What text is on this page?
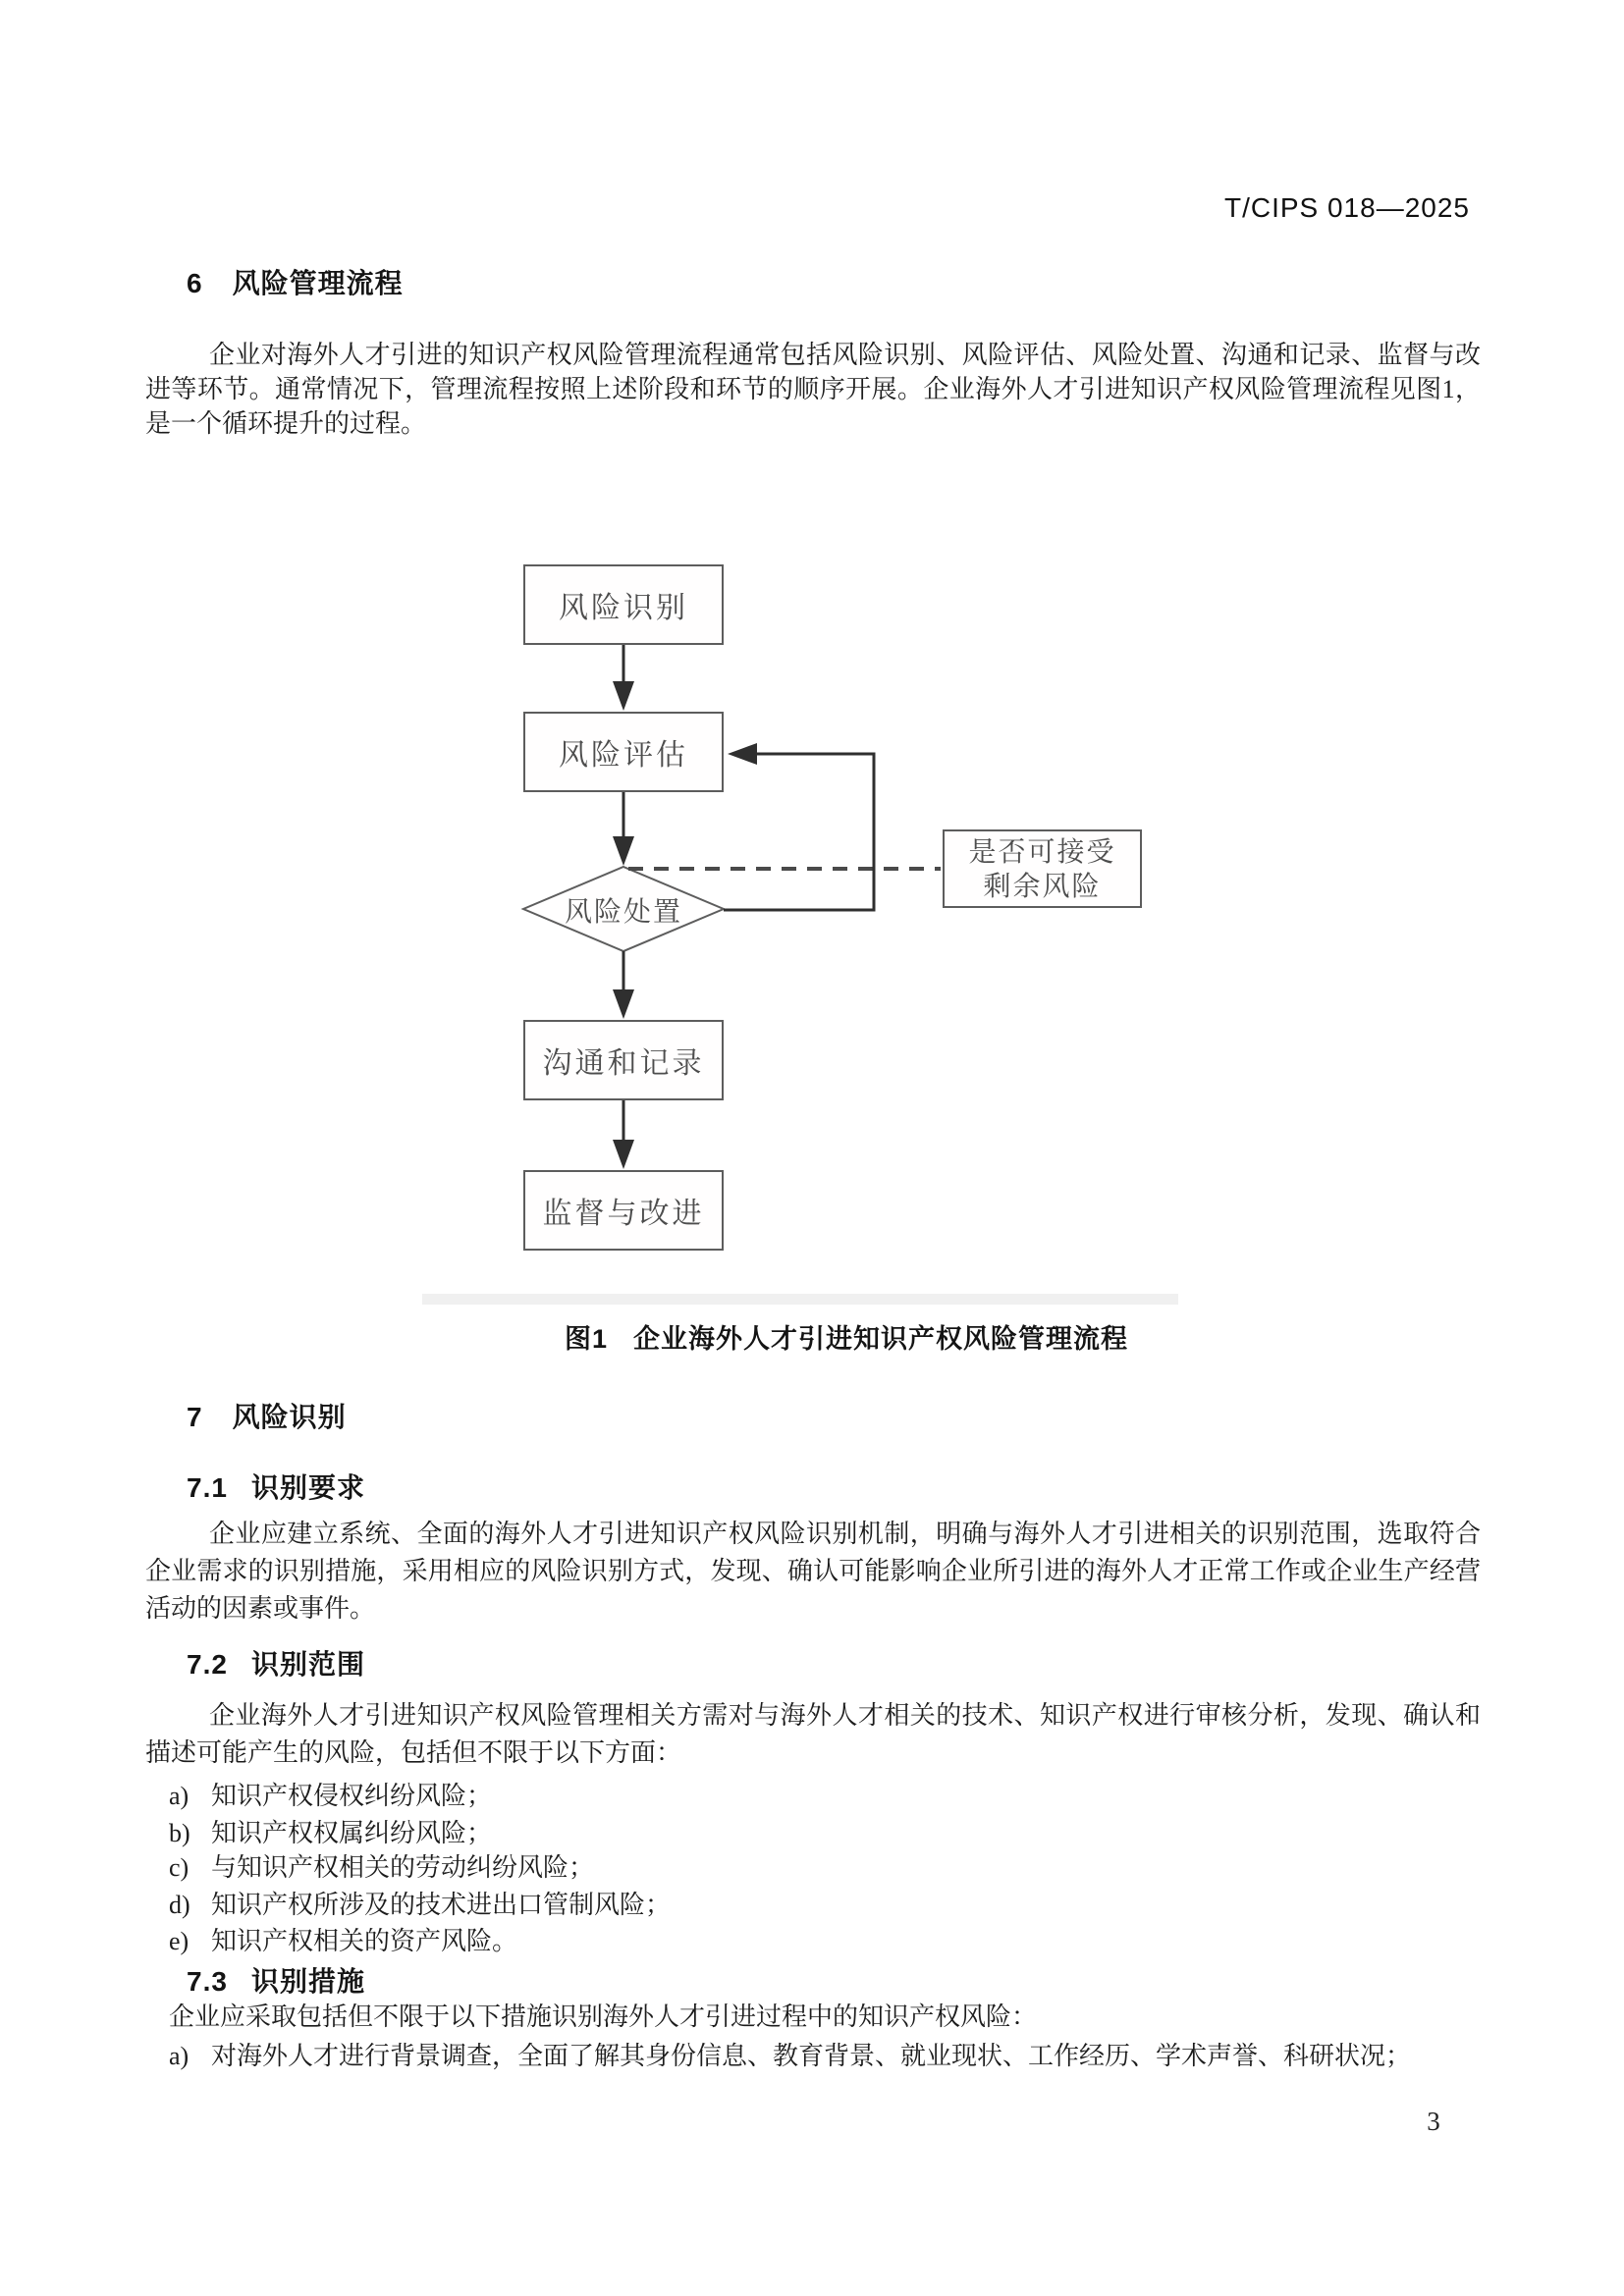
T/CIPS 018—2025
6 风险管理流程
企业对海外人才引进的知识产权风险管理流程通常包括风险识别、风险评估、风险处置、沟通和记录、监督与改进等环节。通常情况下，管理流程按照上述阶段和环节的顺序开展。企业海外人才引进知识产权风险管理流程见图1，是一个循环提升的过程。
风险识别
风险评估
风险处置
是否可接受
剩余风险
沟通和记录
监督与改进
图1 企业海外人才引进知识产权风险管理流程
7 风险识别
7.1 识别要求
企业应建立系统、全面的海外人才引进知识产权风险识别机制，明确与海外人才引进相关的识别范围，选取符合企业需求的识别措施，采用相应的风险识别方式，发现、确认可能影响企业所引进的海外人才正常工作或企业生产经营活动的因素或事件。
7.2 识别范围
企业海外人才引进知识产权风险管理相关方需对与海外人才相关的技术、知识产权进行审核分析，发现、确认和描述可能产生的风险，包括但不限于以下方面：
a) 知识产权侵权纠纷风险；
b) 知识产权权属纠纷风险；
c) 与知识产权相关的劳动纠纷风险；
d) 知识产权所涉及的技术进出口管制风险；
e) 知识产权相关的资产风险。
7.3 识别措施
企业应采取包括但不限于以下措施识别海外人才引进过程中的知识产权风险：
a) 对海外人才进行背景调查，全面了解其身份信息、教育背景、就业现状、工作经历、学术声誉、科研状况；
3
